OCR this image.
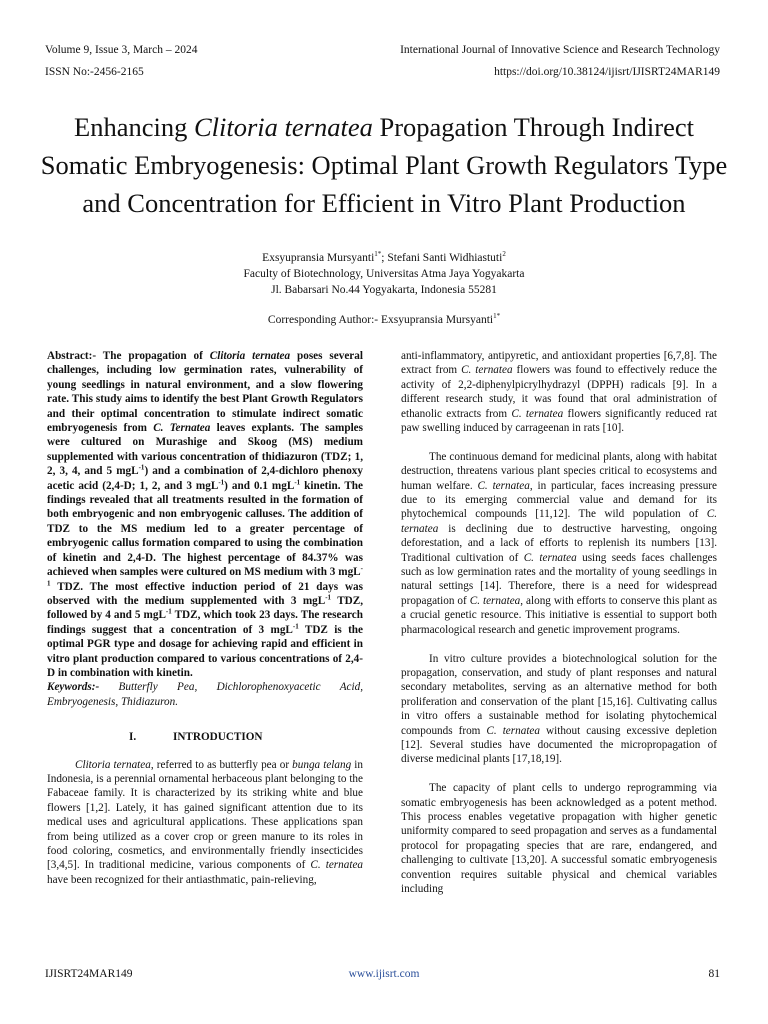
Volume 9, Issue 3, March – 2024	International Journal of Innovative Science and Research Technology
ISSN No:-2456-2165	https://doi.org/10.38124/ijisrt/IJISRT24MAR149
Enhancing Clitoria ternatea Propagation Through Indirect Somatic Embryogenesis: Optimal Plant Growth Regulators Type and Concentration for Efficient in Vitro Plant Production
Exsyupransia Mursyanti$^{1*}$; Stefani Santi Widhiastuti$^2$
Faculty of Biotechnology, Universitas Atma Jaya Yogyakarta
Jl. Babarsari No.44 Yogyakarta, Indonesia 55281
Corresponding Author:- Exsyupransia Mursyanti$^{1*}$

Abstract:- The propagation of Clitoria ternatea poses several challenges, including low germination rates, vulnerability of young seedlings in natural environment, and a slow flowering rate. This study aims to identify the best Plant Growth Regulators and their optimal concentration to stimulate indirect somatic embryogenesis from C. Ternatea leaves explants. The samples were cultured on Murashige and Skoog (MS) medium supplemented with various concentration of thidiazuron (TDZ; 1, 2, 3, 4, and 5 mgL$^{-1}$) and a combination of 2,4-dichloro phenoxy acetic acid (2,4-D; 1, 2, and 3 mgL$^{-1}$) and 0.1 mgL$^{-1}$ kinetin. The findings revealed that all treatments resulted in the formation of both embryogenic and non embryogenic calluses. The addition of TDZ to the MS medium led to a greater percentage of embryogenic callus formation compared to using the combination of kinetin and 2,4-D. The highest percentage of 84.37% was achieved when samples were cultured on MS medium with 3 mgL$^{-1}$ TDZ. The most effective induction period of 21 days was observed with the medium supplemented with 3 mgL$^{-1}$ TDZ, followed by 4 and 5 mgL$^{-1}$ TDZ, which took 23 days. The research findings suggest that a concentration of 3 mgL$^{-1}$ TDZ is the optimal PGR type and dosage for achieving rapid and efficient in vitro plant production compared to various concentrations of 2,4-D in combination with kinetin.

Keywords:- Butterfly Pea, Dichlorophenoxyacetic Acid, Embryogenesis, Thidiazuron.

I.	INTRODUCTION

Clitoria ternatea, referred to as butterfly pea or bunga telang in Indonesia, is a perennial ornamental herbaceous plant belonging to the Fabaceae family. It is characterized by its striking white and blue flowers [1,2]. Lately, it has gained significant attention due to its medical uses and agricultural applications. These applications span from being utilized as a cover crop or green manure to its roles in food coloring, cosmetics, and environmentally friendly insecticides [3,4,5]. In traditional medicine, various components of C. ternatea have been recognized for their antiasthmatic, pain-relieving,

anti-inflammatory, antipyretic, and antioxidant properties [6,7,8]. The extract from C. ternatea flowers was found to effectively reduce the activity of 2,2-diphenylpicrylhydrazyl (DPPH) radicals [9]. In a different research study, it was found that oral administration of ethanolic extracts from C. ternatea flowers significantly reduced rat paw swelling induced by carrageenan in rats [10].

The continuous demand for medicinal plants, along with habitat destruction, threatens various plant species critical to ecosystems and human welfare. C. ternatea, in particular, faces increasing pressure due to its emerging commercial value and demand for its phytochemical compounds [11,12]. The wild population of C. ternatea is declining due to destructive harvesting, ongoing deforestation, and a lack of efforts to replenish its numbers [13]. Traditional cultivation of C. ternatea using seeds faces challenges such as low germination rates and the mortality of young seedlings in natural settings [14]. Therefore, there is a need for widespread propagation of C. ternatea, along with efforts to conserve this plant as a crucial genetic resource. This initiative is essential to support both pharmacological research and genetic improvement programs.

In vitro culture provides a biotechnological solution for the propagation, conservation, and study of plant responses and natural secondary metabolites, serving as an alternative method for both proliferation and conservation of the plant [15,16]. Cultivating callus in vitro offers a sustainable method for isolating phytochemical compounds from C. ternatea without causing excessive depletion [12]. Several studies have documented the micropropagation of diverse medicinal plants [17,18,19].

The capacity of plant cells to undergo reprogramming via somatic embryogenesis has been acknowledged as a potent method. This process enables vegetative propagation with higher genetic uniformity compared to seed propagation and serves as a fundamental protocol for propagating species that are rare, endangered, and challenging to cultivate [13,20]. A successful somatic embryogenesis convention requires suitable physical and chemical variables including

IJISRT24MAR149	www.ijisrt.com	81
